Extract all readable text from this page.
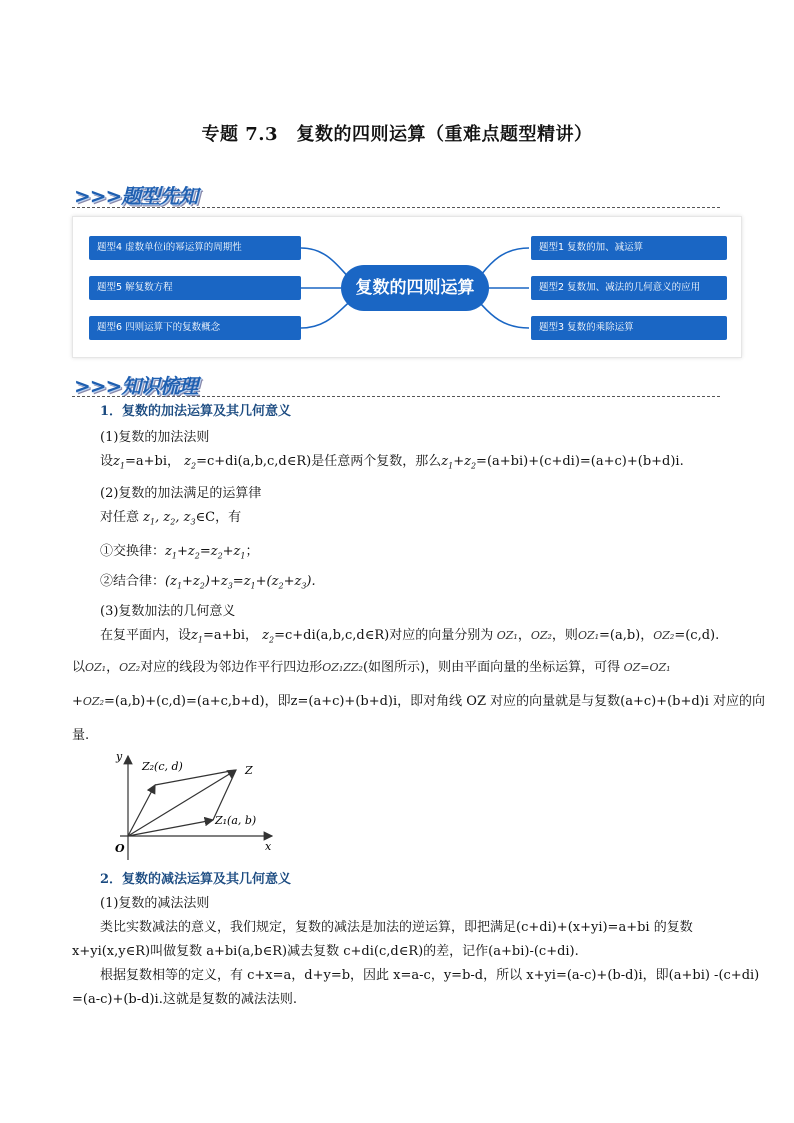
专题 7.3　复数的四则运算（重难点题型精讲）
>>>题型先知
题型4 虚数单位i的幂运算的周期性
题型5 解复数方程
题型6 四则运算下的复数概念
复数的四则运算
题型1 复数的加、减运算
题型2 复数加、减法的几何意义的应用
题型3 复数的乘除运算
>>>知识梳理
1．复数的加法运算及其几何意义
(1)复数的加法法则
设$z_1=a+bi$， $z_2=c+di(a,b,c,d\in R)$是任意两个复数，那么$z_1+z_2=(a+bi)+(c+di)=(a+c)+(b+d)i$.
(2)复数的加法满足的运算律
对任意 $z_1$, $z_2$, $z_3\in C$，有
①交换律：$z_1+z_2=z_2+z_1$；
②结合律：$(z_1+z_2)+z_3=z_1+(z_2+z_3)$.
(3)复数加法的几何意义
在复平面内，设$z_1=a+bi$， $z_2=c+di(a,b,c,d\in R)$对应的向量分别为 OZ₁，OZ₂，则OZ₁=(a,b)，OZ₂=(c,d).
以OZ₁，OZ₂对应的线段为邻边作平行四边形OZ₁ZZ₂(如图所示)，则由平面向量的坐标运算，可得 OZ=OZ₁
+OZ₂=(a,b)+(c,d)=(a+c,b+d)，即z=(a+c)+(b+d)i，即对角线 OZ 对应的向量就是与复数(a+c)+(b+d)i 对应的向
量.
y
x
O
Z
Z₁(a, b)
Z₂(c, d)
2．复数的减法运算及其几何意义
(1)复数的减法法则
类比实数减法的意义，我们规定，复数的减法是加法的逆运算，即把满足(c+di)+(x+yi)=a+bi 的复数
x+yi(x,y∈R)叫做复数 a+bi(a,b∈R)减去复数 c+di(c,d∈R)的差，记作(a+bi)-(c+di).
根据复数相等的定义，有 c+x=a，d+y=b，因此 x=a-c，y=b-d，所以 x+yi=(a-c)+(b-d)i，即(a+bi) -(c+di)
=(a-c)+(b-d)i.这就是复数的减法法则.
